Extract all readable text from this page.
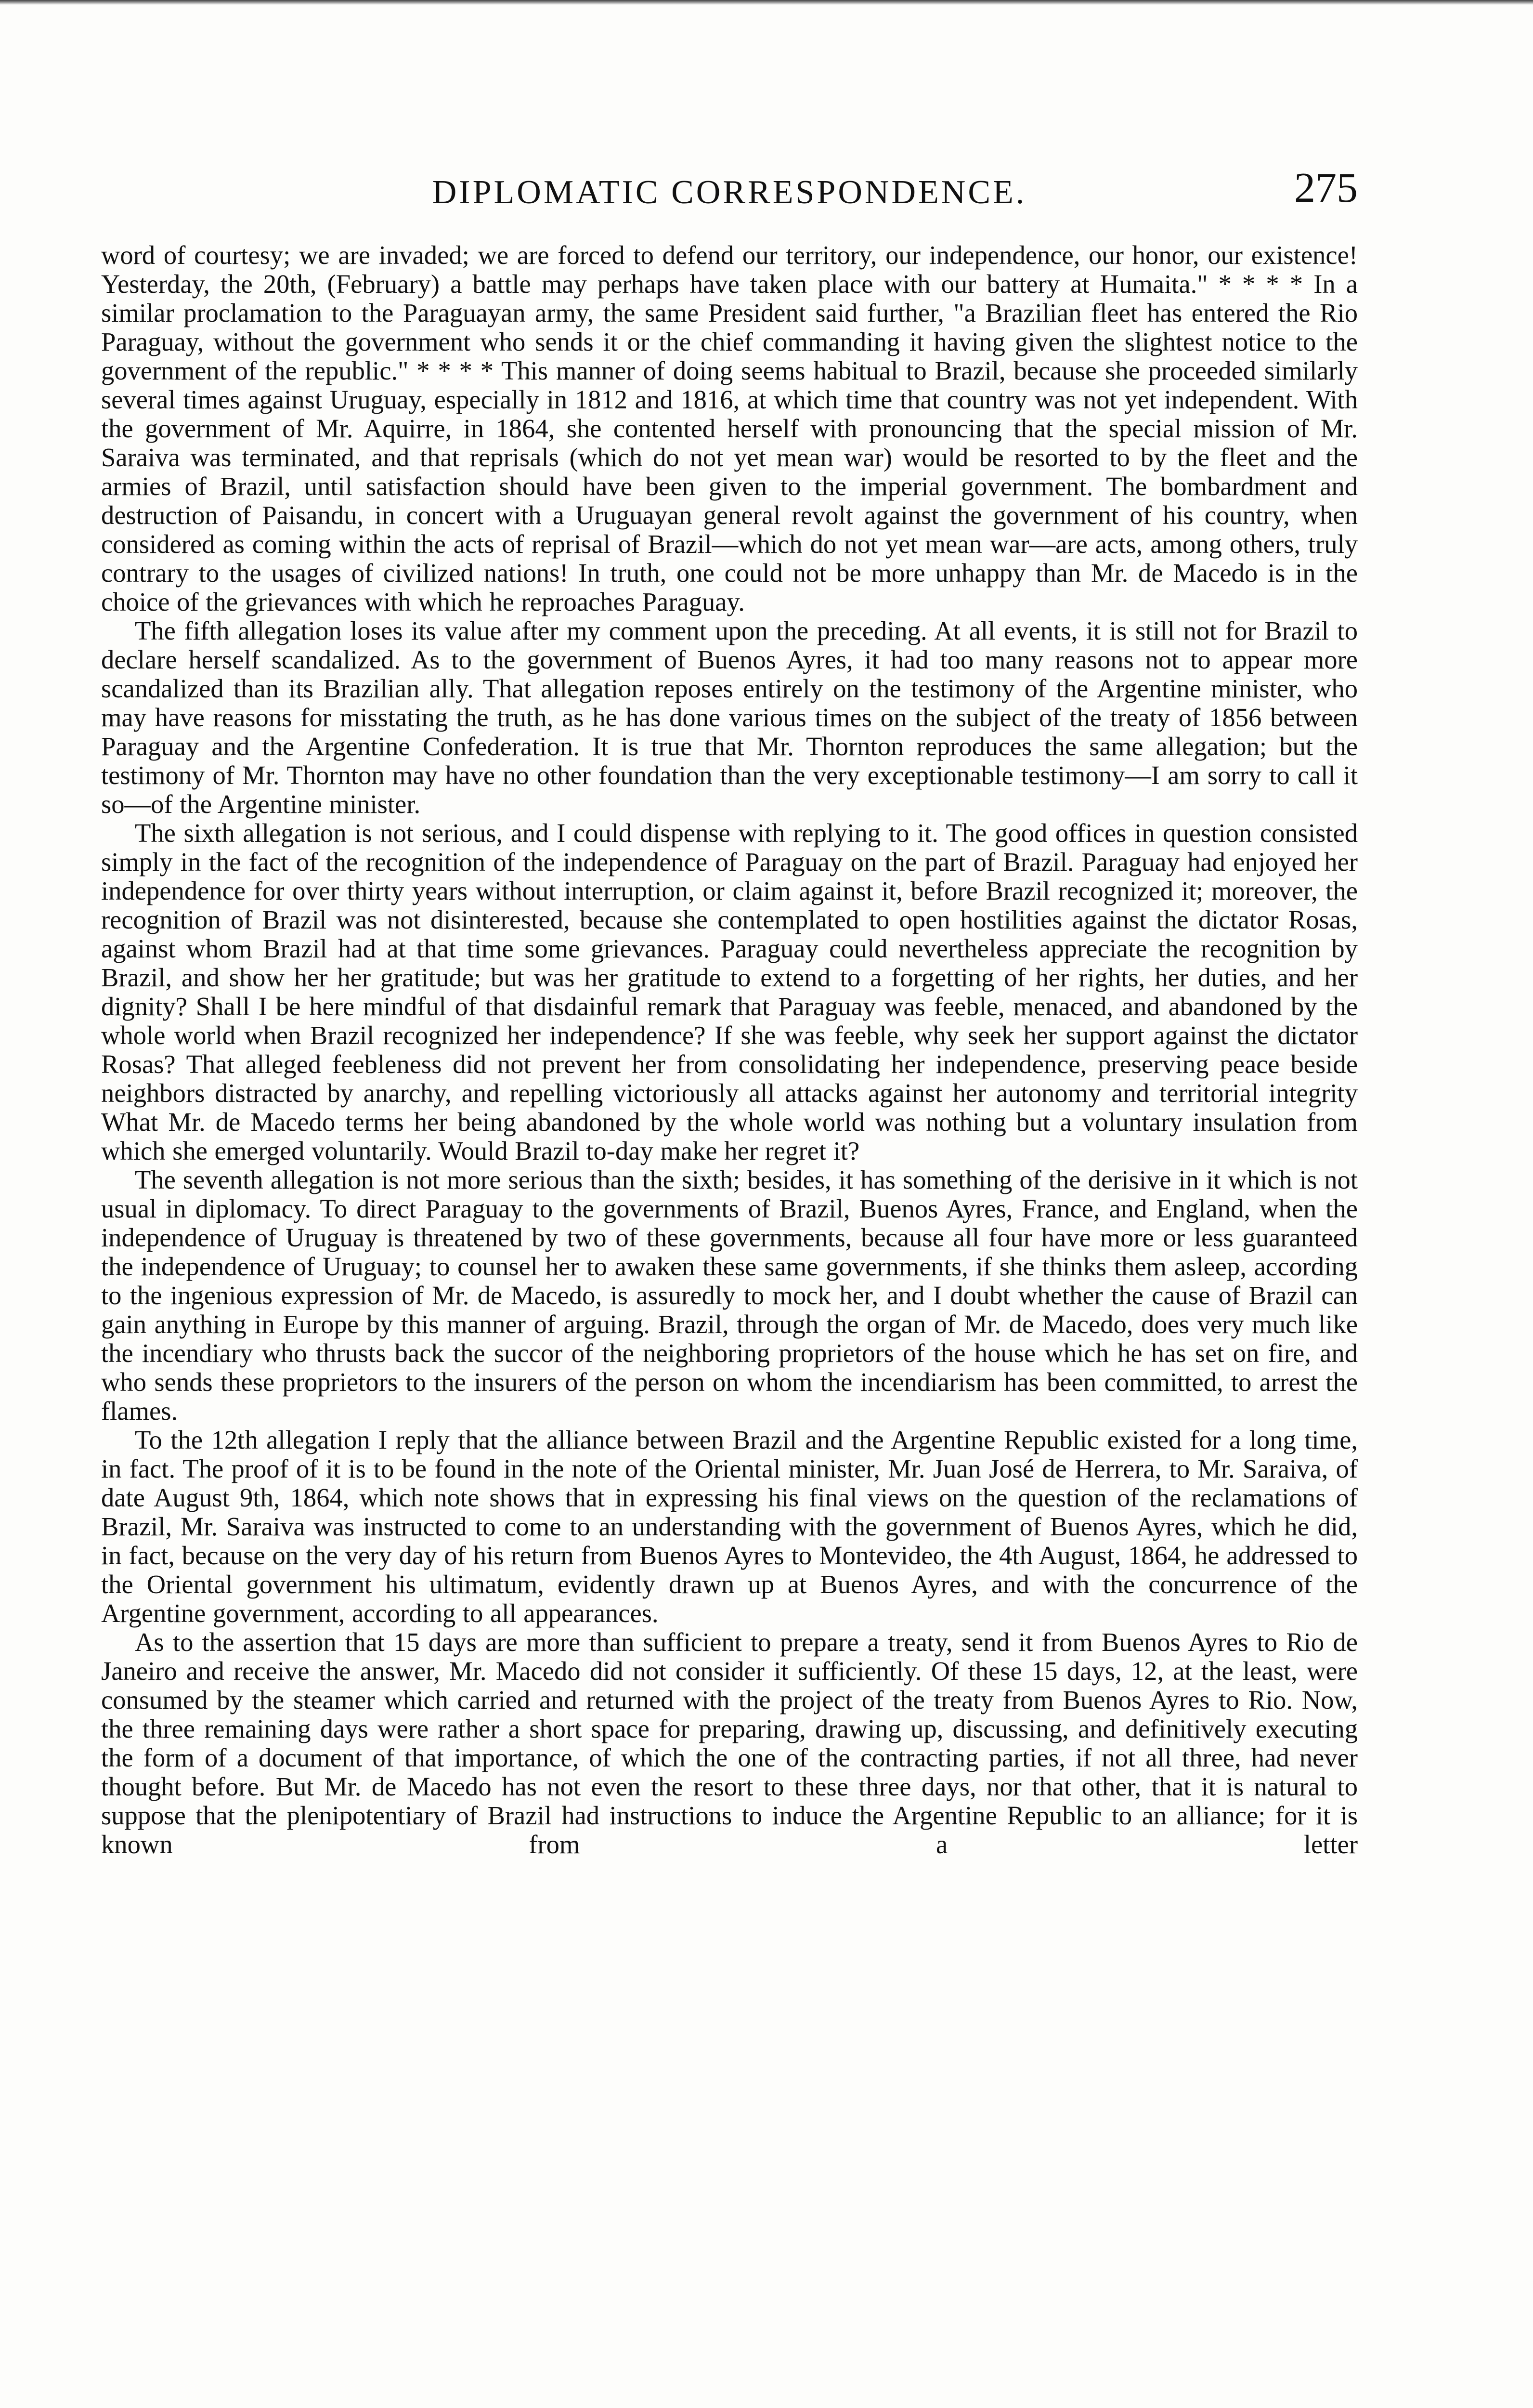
DIPLOMATIC CORRESPONDENCE.	275

word of courtesy; we are invaded; we are forced to defend our territory, our independence, our honor, our existence! Yesterday, the 20th, (February) a battle may perhaps have taken place with our battery at Humaita." * * * * In a similar proclamation to the Paraguayan army, the same President said further, "a Brazilian fleet has entered the Rio Paraguay, without the government who sends it or the chief commanding it having given the slightest notice to the government of the republic." * * * * This manner of doing seems habitual to Brazil, because she proceeded similarly several times against Uruguay, especially in 1812 and 1816, at which time that country was not yet independent. With the government of Mr. Aquirre, in 1864, she contented herself with pronouncing that the special mission of Mr. Saraiva was terminated, and that reprisals (which do not yet mean war) would be resorted to by the fleet and the armies of Brazil, until satisfaction should have been given to the imperial government. The bombardment and destruction of Paisandu, in concert with a Uruguayan general revolt against the government of his country, when considered as coming within the acts of reprisal of Brazil—which do not yet mean war—are acts, among others, truly contrary to the usages of civilized nations! In truth, one could not be more unhappy than Mr. de Macedo is in the choice of the grievances with which he reproaches Paraguay.

The fifth allegation loses its value after my comment upon the preceding. At all events, it is still not for Brazil to declare herself scandalized. As to the government of Buenos Ayres, it had too many reasons not to appear more scandalized than its Brazilian ally. That allegation reposes entirely on the testimony of the Argentine minister, who may have reasons for misstating the truth, as he has done various times on the subject of the treaty of 1856 between Paraguay and the Argentine Confederation. It is true that Mr. Thornton reproduces the same allegation; but the testimony of Mr. Thornton may have no other foundation than the very exceptionable testimony—I am sorry to call it so—of the Argentine minister.

The sixth allegation is not serious, and I could dispense with replying to it. The good offices in question consisted simply in the fact of the recognition of the independence of Paraguay on the part of Brazil. Paraguay had enjoyed her independence for over thirty years without interruption, or claim against it, before Brazil recognized it; moreover, the recognition of Brazil was not disinterested, because she contemplated to open hostilities against the dictator Rosas, against whom Brazil had at that time some grievances. Paraguay could nevertheless appreciate the recognition by Brazil, and show her her gratitude; but was her gratitude to extend to a forgetting of her rights, her duties, and her dignity? Shall I be here mindful of that disdainful remark that Paraguay was feeble, menaced, and abandoned by the whole world when Brazil recognized her independence? If she was feeble, why seek her support against the dictator Rosas? That alleged feebleness did not prevent her from consolidating her independence, preserving peace beside neighbors distracted by anarchy, and repelling victoriously all attacks against her autonomy and territorial integrity What Mr. de Macedo terms her being abandoned by the whole world was nothing but a voluntary insulation from which she emerged voluntarily. Would Brazil to-day make her regret it?

The seventh allegation is not more serious than the sixth; besides, it has something of the derisive in it which is not usual in diplomacy. To direct Paraguay to the governments of Brazil, Buenos Ayres, France, and England, when the independence of Uruguay is threatened by two of these governments, because all four have more or less guaranteed the independence of Uruguay; to counsel her to awaken these same governments, if she thinks them asleep, according to the ingenious expression of Mr. de Macedo, is assuredly to mock her, and I doubt whether the cause of Brazil can gain anything in Europe by this manner of arguing. Brazil, through the organ of Mr. de Macedo, does very much like the incendiary who thrusts back the succor of the neighboring proprietors of the house which he has set on fire, and who sends these proprietors to the insurers of the person on whom the incendiarism has been committed, to arrest the flames.

To the 12th allegation I reply that the alliance between Brazil and the Argentine Republic existed for a long time, in fact. The proof of it is to be found in the note of the Oriental minister, Mr. Juan José de Herrera, to Mr. Saraiva, of date August 9th, 1864, which note shows that in expressing his final views on the question of the reclamations of Brazil, Mr. Saraiva was instructed to come to an understanding with the government of Buenos Ayres, which he did, in fact, because on the very day of his return from Buenos Ayres to Montevideo, the 4th August, 1864, he addressed to the Oriental government his ultimatum, evidently drawn up at Buenos Ayres, and with the concurrence of the Argentine government, according to all appearances.

As to the assertion that 15 days are more than sufficient to prepare a treaty, send it from Buenos Ayres to Rio de Janeiro and receive the answer, Mr. Macedo did not consider it sufficiently. Of these 15 days, 12, at the least, were consumed by the steamer which carried and returned with the project of the treaty from Buenos Ayres to Rio. Now, the three remaining days were rather a short space for preparing, drawing up, discussing, and definitively executing the form of a document of that importance, of which the one of the contracting parties, if not all three, had never thought before. But Mr. de Macedo has not even the resort to these three days, nor that other, that it is natural to suppose that the plenipotentiary of Brazil had instructions to induce the Argentine Republic to an alliance; for it is known from a letter
